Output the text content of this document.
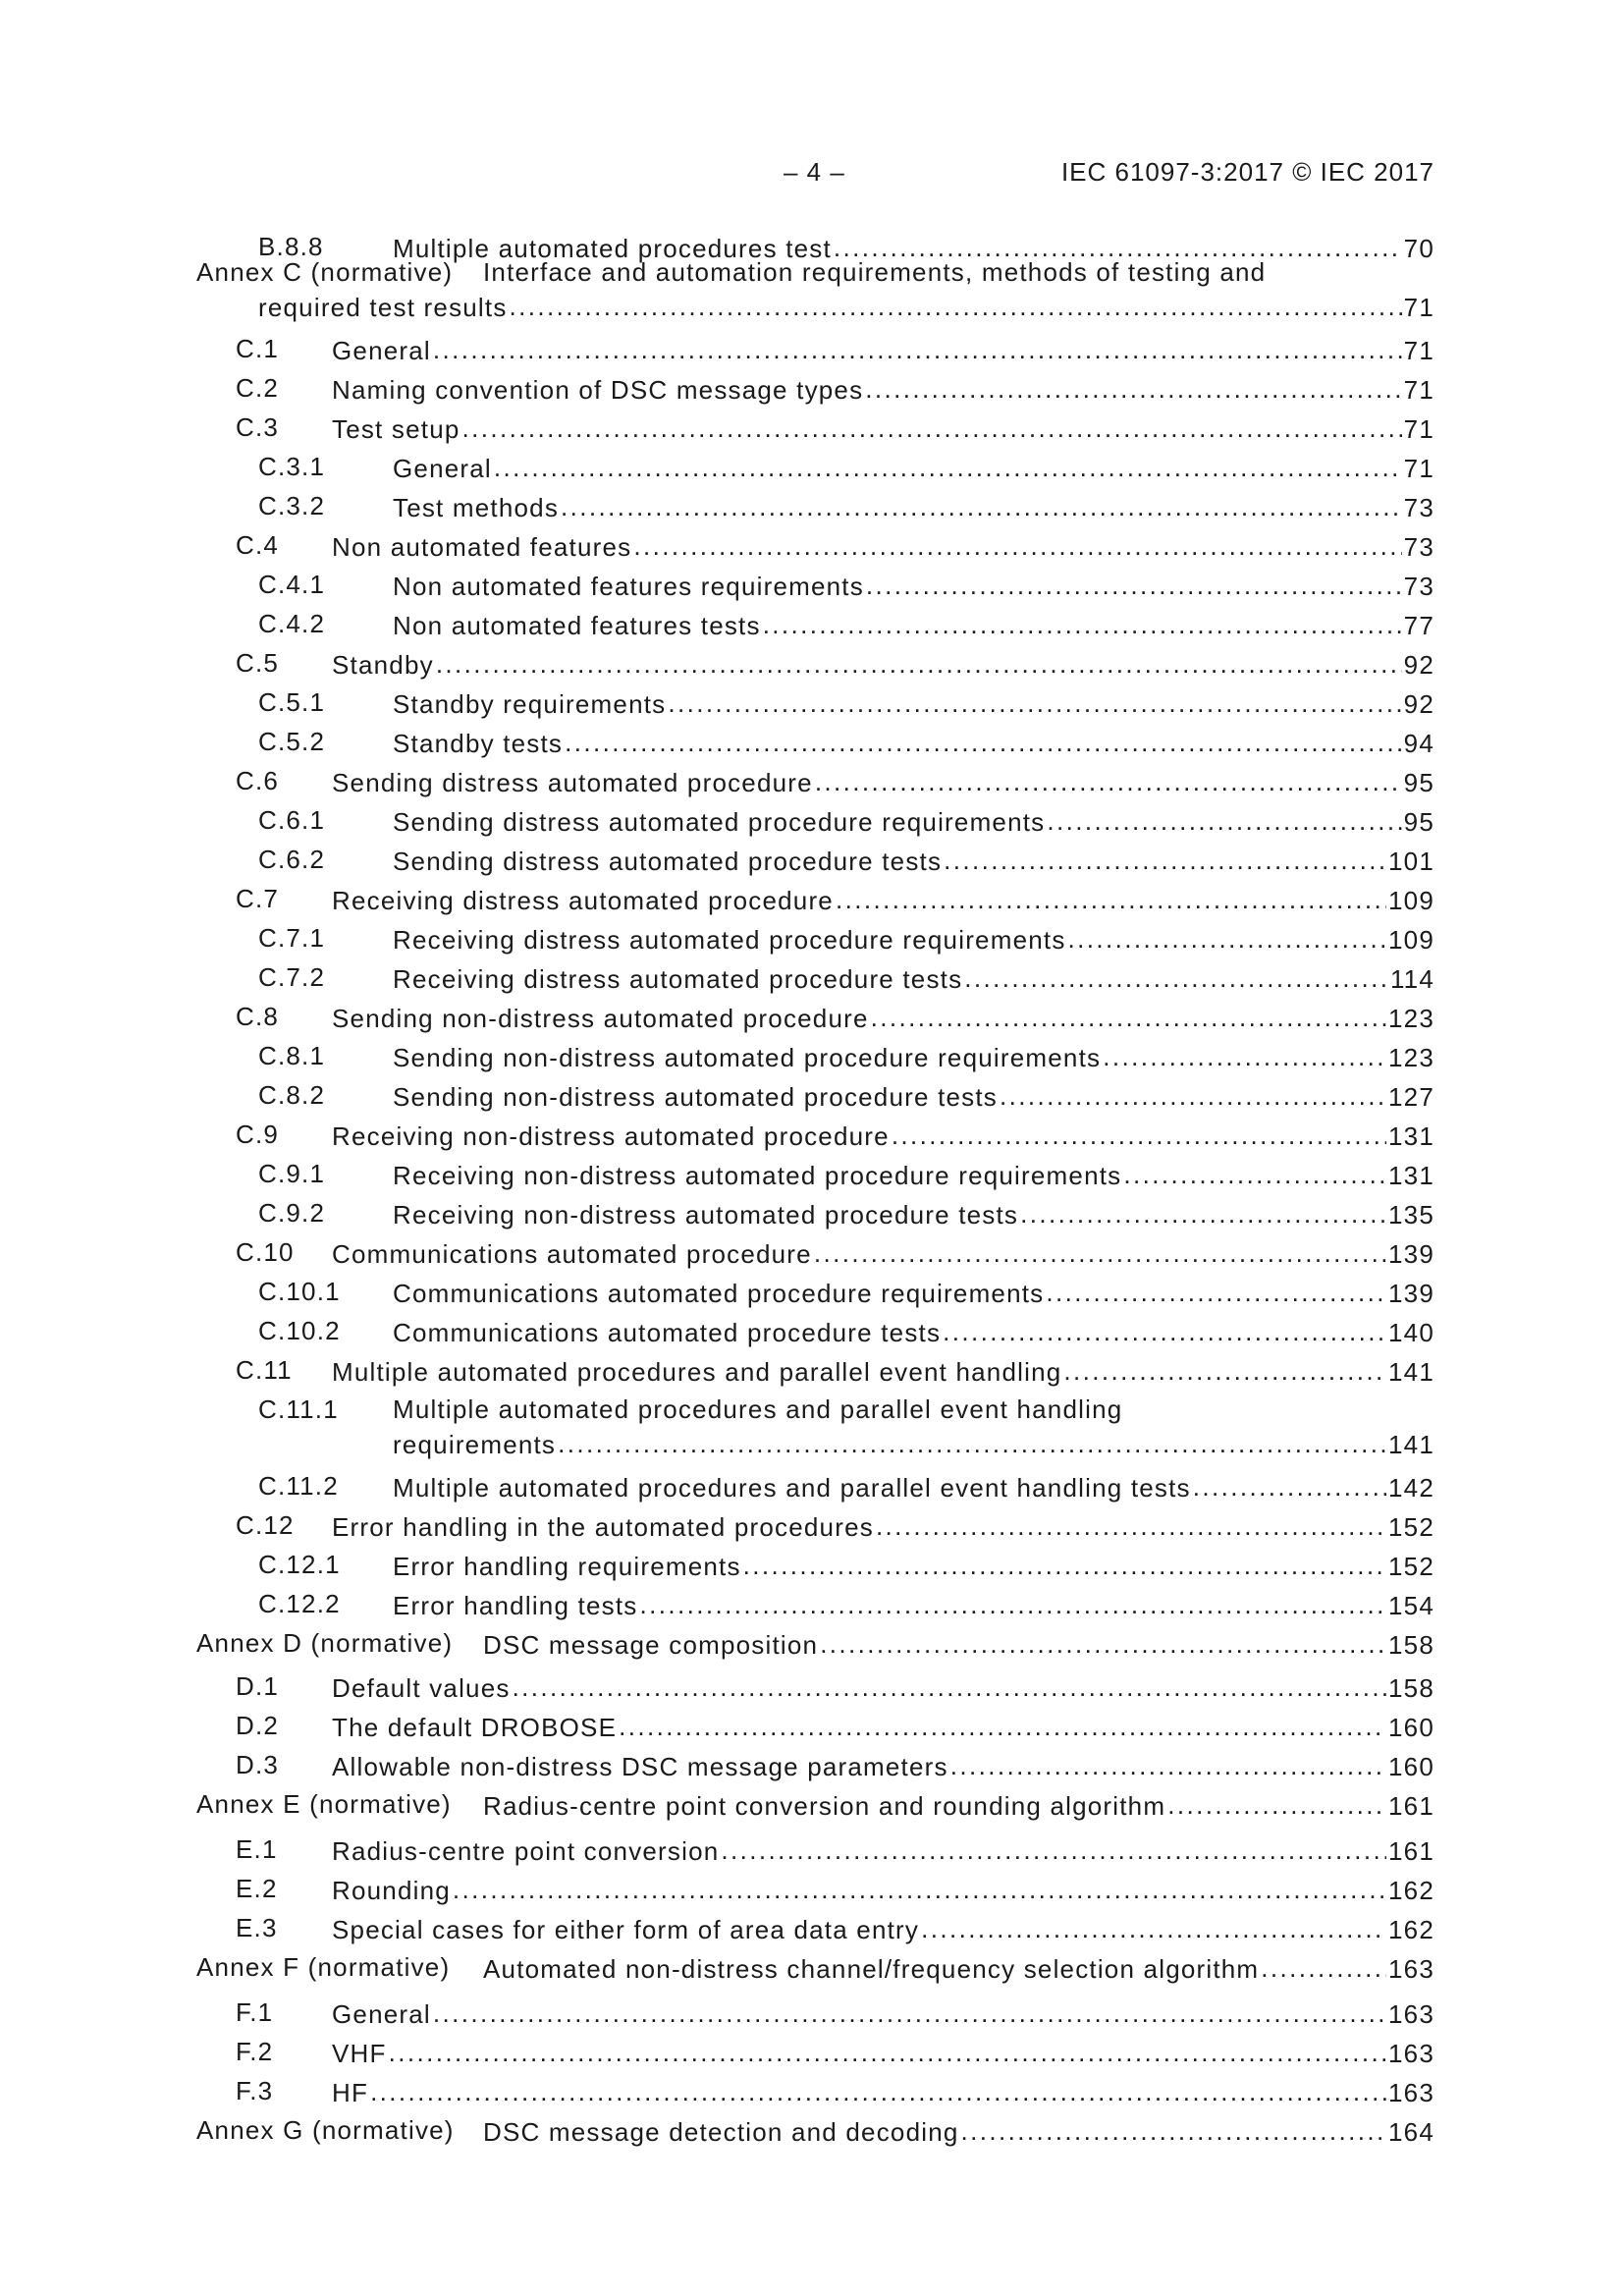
– 4 –	IEC 61097-3:2017 © IEC 2017
B.8.8	Multiple automated procedures test .....	70
Annex C (normative) Interface and automation requirements, methods of testing and
required test results .....	71
C.1 General .....	71
C.2 Naming convention of DSC message types .....	71
C.3 Test setup .....	71
C.3.1	General .....	71
C.3.2	Test methods .....	73
C.4 Non automated features .....	73
C.4.1	Non automated features requirements .....	73
C.4.2	Non automated features tests .....	77
C.5 Standby .....	92
C.5.1	Standby requirements .....	92
C.5.2	Standby tests .....	94
C.6 Sending distress automated procedure .....	95
C.6.1	Sending distress automated procedure requirements .....	95
C.6.2	Sending distress automated procedure tests .....	101
C.7 Receiving distress automated procedure .....	109
C.7.1	Receiving distress automated procedure requirements .....	109
C.7.2	Receiving distress automated procedure tests .....	114
C.8 Sending non-distress automated procedure .....	123
C.8.1	Sending non-distress automated procedure requirements .....	123
C.8.2	Sending non-distress automated procedure tests .....	127
C.9 Receiving non-distress automated procedure .....	131
C.9.1	Receiving non-distress automated procedure requirements .....	131
C.9.2	Receiving non-distress automated procedure tests .....	135
C.10 Communications automated procedure .....	139
C.10.1 Communications automated procedure requirements .....	139
C.10.2 Communications automated procedure tests .....	140
C.11 Multiple automated procedures and parallel event handling .....	141
C.11.1 Multiple automated procedures and parallel event handling
requirements .....	141
C.11.2 Multiple automated procedures and parallel event handling tests .....	142
C.12 Error handling in the automated procedures .....	152
C.12.1 Error handling requirements .....	152
C.12.2 Error handling tests .....	154
Annex D (normative) DSC message composition .....	158
D.1 Default values .....	158
D.2 The default DROBOSE .....	160
D.3 Allowable non-distress DSC message parameters .....	160
Annex E (normative) Radius-centre point conversion and rounding algorithm .....	161
E.1 Radius-centre point conversion .....	161
E.2 Rounding .....	162
E.3 Special cases for either form of area data entry .....	162
Annex F (normative) Automated non-distress channel/frequency selection algorithm .....	163
F.1 General .....	163
F.2 VHF .....	163
F.3 HF .....	163
Annex G (normative) DSC message detection and decoding .....	164
